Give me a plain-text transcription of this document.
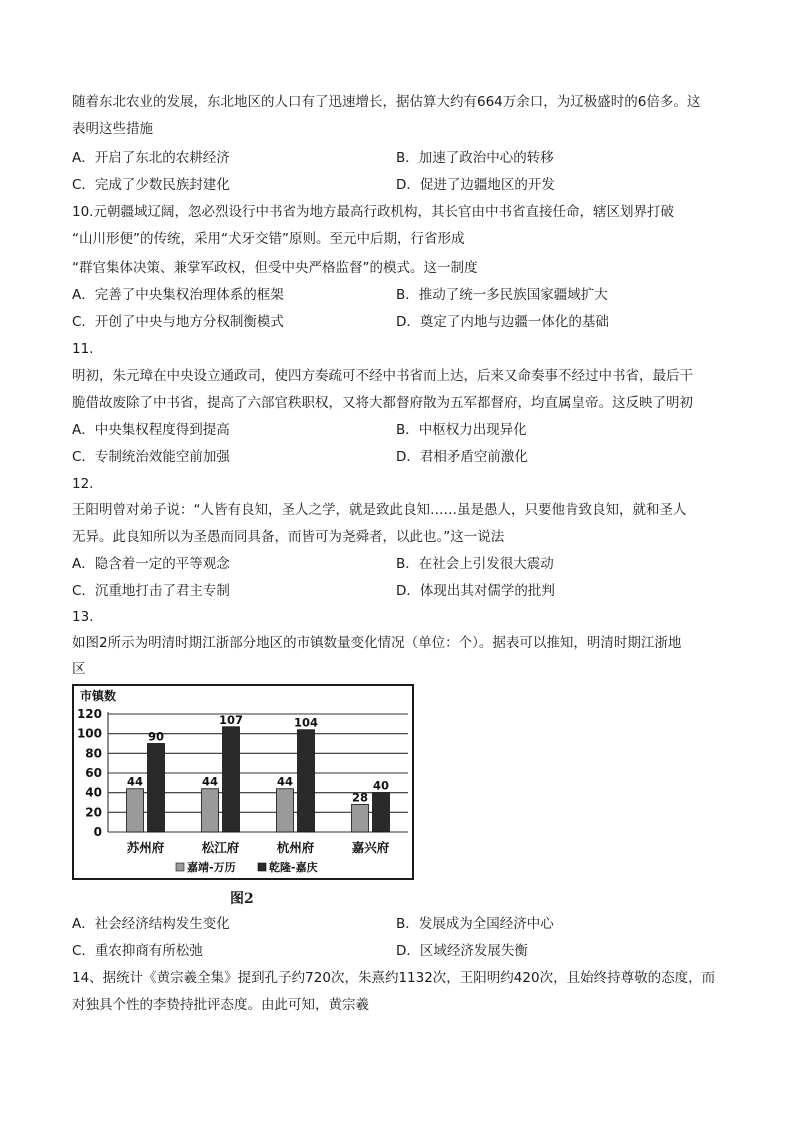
随着东北农业的发展，东北地区的人口有了迅速增长，据估算大约有664万余口，为辽极盛时的6倍多。这
表明这些措施
A．开启了东北的农耕经济	B．加速了政治中心的转移
C．完成了少数民族封建化	D．促进了边疆地区的开发
10.元朝疆域辽阔，忽必烈设行中书省为地方最高行政机构，其长官由中书省直接任命，辖区划界打破
“山川形便”的传统，采用“犬牙交错”原则。至元中后期，行省形成
“群官集体决策、兼掌军政权，但受中央严格监督”的模式。这一制度
A．完善了中央集权治理体系的框架	B．推动了统一多民族国家疆域扩大
C．开创了中央与地方分权制衡模式	D．奠定了内地与边疆一体化的基础
11.
明初，朱元璋在中央设立通政司，使四方奏疏可不经中书省而上达，后来又命奏事不经过中书省，最后干
脆借故废除了中书省，提高了六部官秩职权，又将大都督府散为五军都督府，均直属皇帝。这反映了明初
A．中央集权程度得到提高	B．中枢权力出现异化
C．专制统治效能空前加强	D．君相矛盾空前激化
12.
王阳明曾对弟子说：“人皆有良知，圣人之学，就是致此良知……虽是愚人，只要他肯致良知，就和圣人
无异。此良知所以为圣愚而同具备，而皆可为尧舜者，以此也。”这一说法
A．隐含着一定的平等观念	B．在社会上引发很大震动
C．沉重地打击了君主专制	D．体现出其对儒学的批判
13.
如图2所示为明清时期江浙部分地区的市镇数量变化情况（单位：个）。据表可以推知，明清时期江浙地
区
市镇数
0
20
40
60
80
100
120
44
90
苏州府
44
107
松江府
44
104
杭州府
28
40
嘉兴府
嘉靖-万历	乾隆-嘉庆
图2
A．社会经济结构发生变化	B．发展成为全国经济中心
C．重农抑商有所松弛	D．区域经济发展失衡
14、据统计《黄宗羲全集》提到孔子约720次，朱熹约1132次，王阳明约420次，且始终持尊敬的态度，而
对独具个性的李贽持批评态度。由此可知，黄宗羲
